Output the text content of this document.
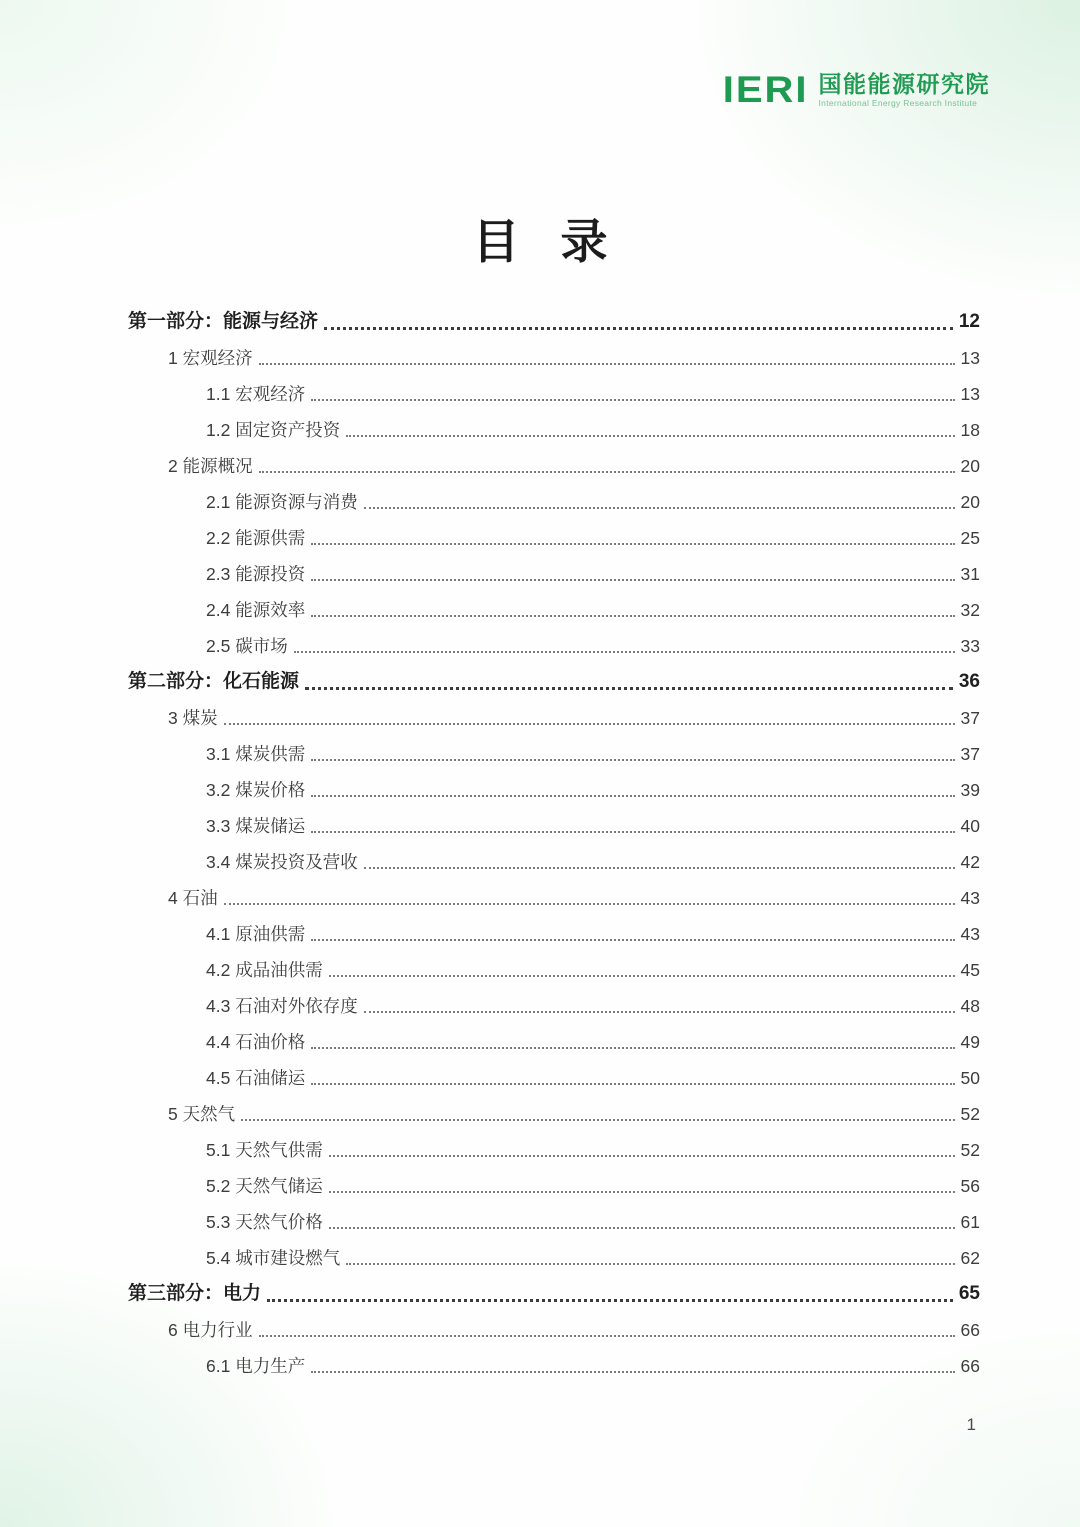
IERI 国能能源研究院
International Energy Research Institute
目 录
第一部分：能源与经济	12
1 宏观经济	13
1.1 宏观经济	13
1.2 固定资产投资	18
2 能源概况	20
2.1 能源资源与消费	20
2.2 能源供需	25
2.3 能源投资	31
2.4 能源效率	32
2.5 碳市场	33
第二部分：化石能源	36
3 煤炭	37
3.1 煤炭供需	37
3.2 煤炭价格	39
3.3 煤炭储运	40
3.4 煤炭投资及营收	42
4 石油	43
4.1 原油供需	43
4.2 成品油供需	45
4.3 石油对外依存度	48
4.4 石油价格	49
4.5 石油储运	50
5 天然气	52
5.1 天然气供需	52
5.2 天然气储运	56
5.3 天然气价格	61
5.4 城市建设燃气	62
第三部分：电力	65
6 电力行业	66
6.1 电力生产	66
1
